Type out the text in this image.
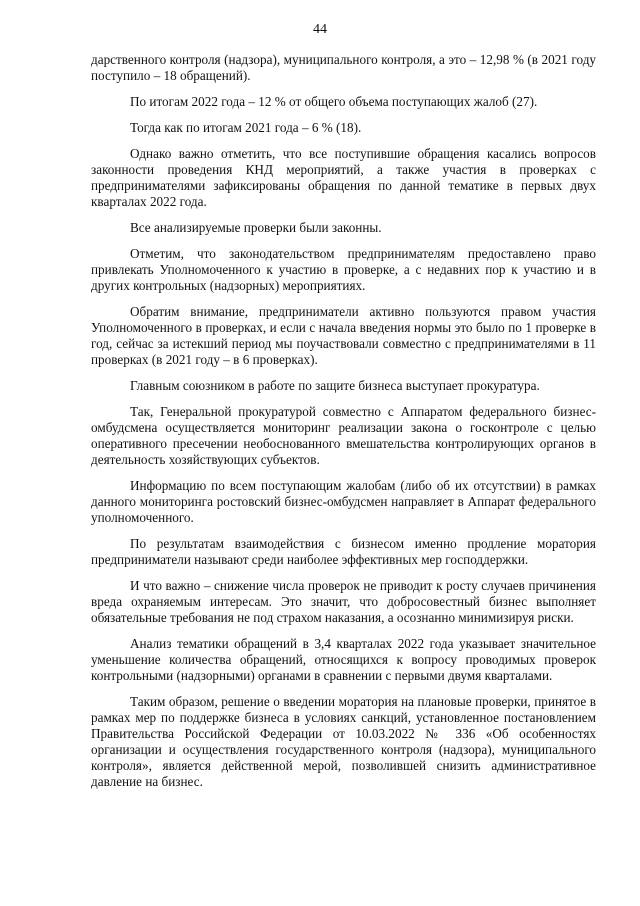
44

дарственного контроля (надзора), муниципального контроля, а это – 12,98 % (в 2021 году поступило – 18 обращений).

По итогам 2022 года – 12 % от общего объема поступающих жалоб (27).

Тогда как по итогам 2021 года – 6 % (18).

Однако важно отметить, что все поступившие обращения касались вопросов законности проведения КНД мероприятий, а также участия в проверках с предпринимателями зафиксированы обращения по данной тематике в первых двух кварталах 2022 года.

Все анализируемые проверки были законны.

Отметим, что законодательством предпринимателям предоставлено право привлекать Уполномоченного к участию в проверке, а с недавних пор к участию и в других контрольных (надзорных) мероприятиях.

Обратим внимание, предприниматели активно пользуются правом участия Уполномоченного в проверках, и если с начала введения нормы это было по 1 проверке в год, сейчас за истекший период мы поучаствовали совместно с предпринимателями в 11 проверках (в 2021 году – в 6 проверках).

Главным союзником в работе по защите бизнеса выступает прокуратура.

Так, Генеральной прокуратурой совместно с Аппаратом федерального бизнес-омбудсмена осуществляется мониторинг реализации закона о госконтроле с целью оперативного пресечении необоснованного вмешательства контролирующих органов в деятельность хозяйствующих субъектов.

Информацию по всем поступающим жалобам (либо об их отсутствии) в рамках данного мониторинга ростовский бизнес-омбудсмен направляет в Аппарат федерального уполномоченного.

По результатам взаимодействия с бизнесом именно продление моратория предприниматели называют среди наиболее эффективных мер господдержки.

И что важно – снижение числа проверок не приводит к росту случаев причинения вреда охраняемым интересам. Это значит, что добросовестный бизнес выполняет обязательные требования не под страхом наказания, а осознанно минимизируя риски.

Анализ тематики обращений в 3,4 кварталах 2022 года указывает значительное уменьшение количества обращений, относящихся к вопросу проводимых проверок контрольными (надзорными) органами в сравнении с первыми двумя кварталами.

Таким образом, решение о введении моратория на плановые проверки, принятое в рамках мер по поддержке бизнеса в условиях санкций, установленное постановлением Правительства Российской Федерации от 10.03.2022 № 336 «Об особенностях организации и осуществления государственного контроля (надзора), муниципального контроля», является действенной мерой, позволившей снизить административное давление на бизнес.
